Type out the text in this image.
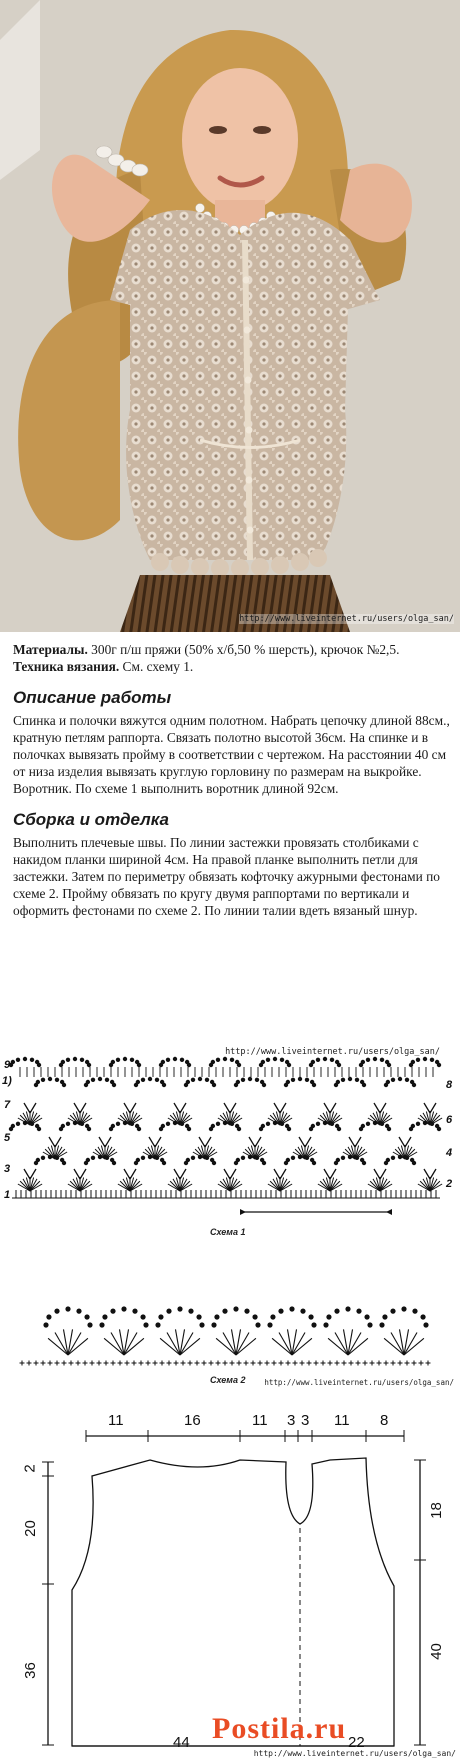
http://www.liveinternet.ru/users/olga_san/

Материалы. 300г п/ш пряжи (50% х/б,50 % шерсть), крючок №2,5.

Техника вязания. См. схему 1.

Описание работы

Спинка и полочки вяжутся одним полотном. Набрать цепочку длиной 88см., кратную петлям раппорта. Связать полотно высотой 36см. На спинке и в полочках вывязать пройму в соответствии с чертежом. На расстоянии 40 см от низа изделия вывязать круглую горловину по размерам на выкройке.

Воротник. По схеме 1 выполнить воротник длиной 92см.

Сборка и отделка

Выполнить плечевые швы. По линии застежки провязать столбиками с накидом планки шириной 4см. На правой планке выполнить петли для застежки. Затем по периметру обвязать кофточку ажурными фестонами по схеме 2. Пройму обвязать по кругу двумя раппортами по вертикали и оформить фестонами по схеме 2. По линии талии вдеть вязаный шнур.

http://www.liveinternet.ru/users/olga_san/
9
1)
7
5
3
1
8
6
4
2
Схема 1
Схема 2	http://www.liveinternet.ru/users/olga_san/
11	16	11 3 3 11 8
2
20
36
18
40
44	22
Postila.ru
http://www.liveinternet.ru/users/olga_san/
